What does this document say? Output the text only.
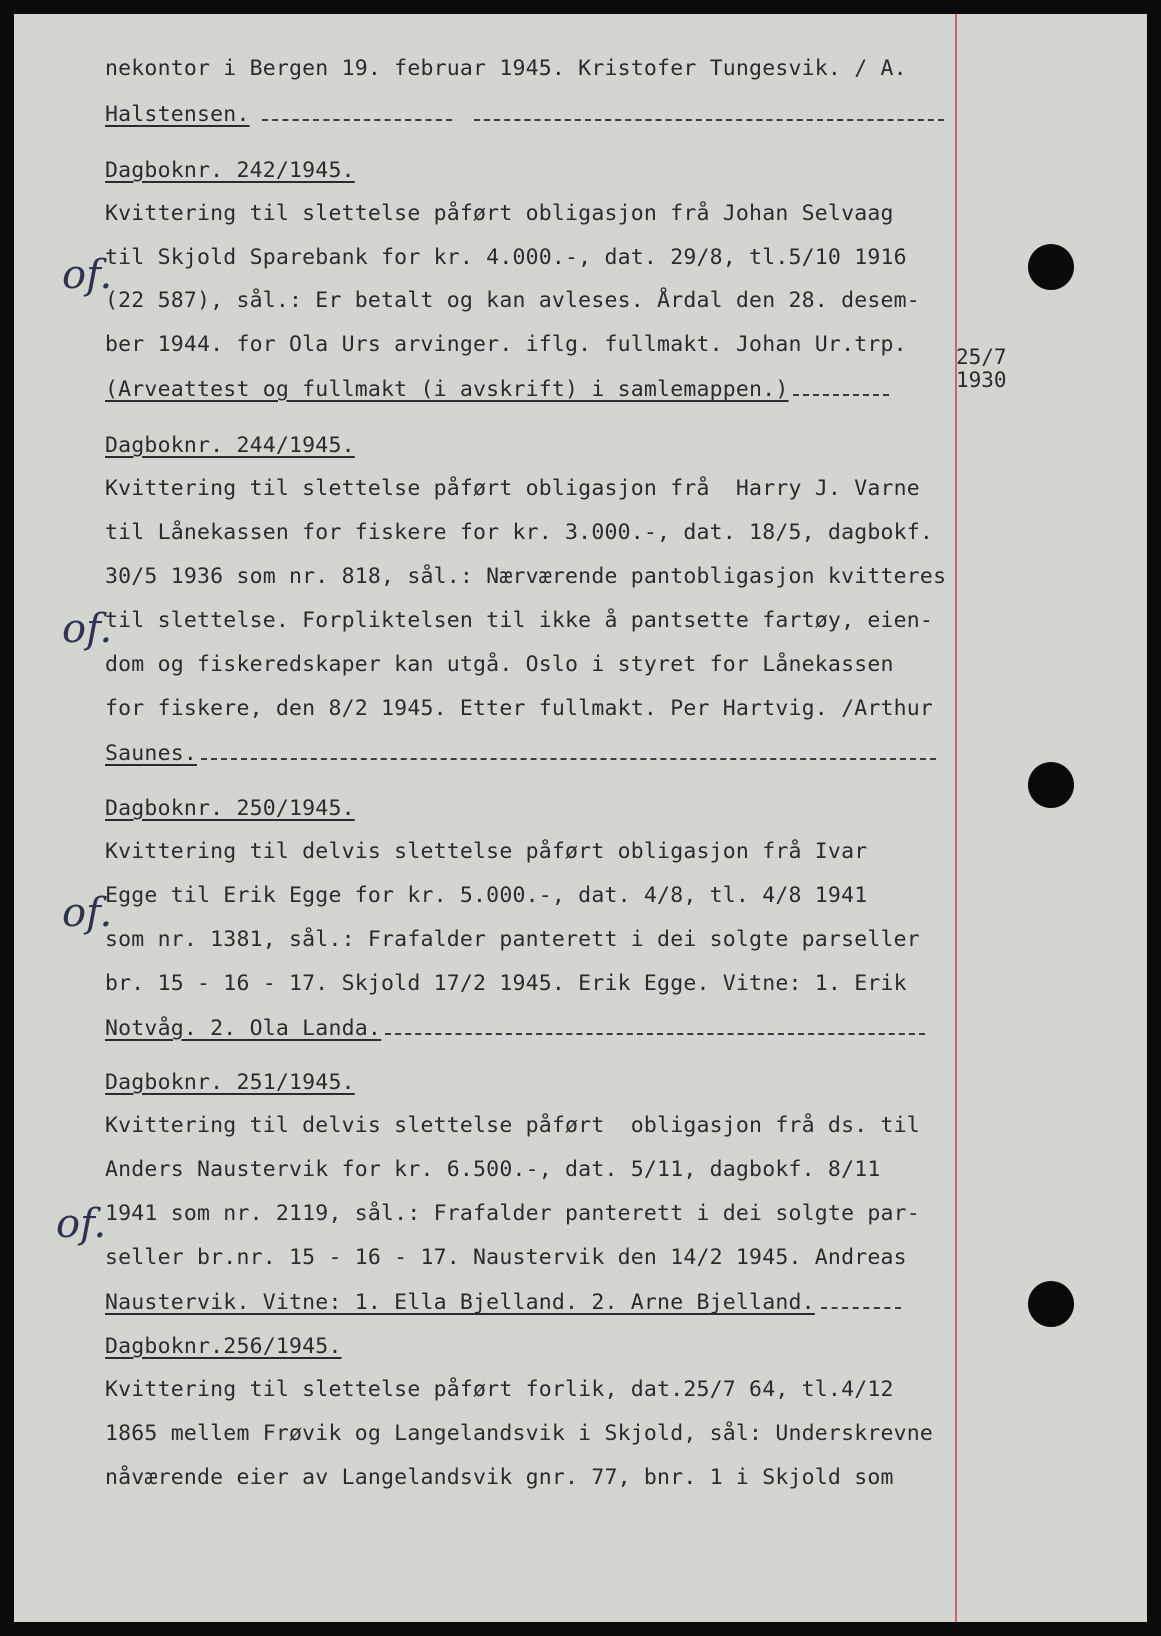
nekontor i Bergen 19. februar 1945. Kristofer Tungesvik. / A.
Halstensen.
Dagboknr. 242/1945.
Kvittering til slettelse påført obligasjon frå Johan Selvaag
til Skjold Sparebank for kr. 4.000.-, dat. 29/8, tl.5/10 1916
(22 587), sål.: Er betalt og kan avleses. Årdal den 28. desem-
ber 1944. for Ola Urs arvinger. iflg. fullmakt. Johan Ur.trp.
(Arveattest og fullmakt (i avskrift) i samlemappen.)
Dagboknr. 244/1945.
Kvittering til slettelse påført obligasjon frå  Harry J. Varne
til Lånekassen for fiskere for kr. 3.000.-, dat. 18/5, dagbokf.
30/5 1936 som nr. 818, sål.: Nærværende pantobligasjon kvitteres
til slettelse. Forpliktelsen til ikke å pantsette fartøy, eien-
dom og fiskeredskaper kan utgå. Oslo i styret for Lånekassen
for fiskere, den 8/2 1945. Etter fullmakt. Per Hartvig. /Arthur
Saunes.
Dagboknr. 250/1945.
Kvittering til delvis slettelse påført obligasjon frå Ivar
Egge til Erik Egge for kr. 5.000.-, dat. 4/8, tl. 4/8 1941
som nr. 1381, sål.: Frafalder panterett i dei solgte parseller
br. 15 - 16 - 17. Skjold 17/2 1945. Erik Egge. Vitne: 1. Erik
Notvåg. 2. Ola Landa.
Dagboknr. 251/1945.
Kvittering til delvis slettelse påført  obligasjon frå ds. til
Anders Naustervik for kr. 6.500.-, dat. 5/11, dagbokf. 8/11
1941 som nr. 2119, sål.: Frafalder panterett i dei solgte par-
seller br.nr. 15 - 16 - 17. Naustervik den 14/2 1945. Andreas
Naustervik. Vitne: 1. Ella Bjelland. 2. Arne Bjelland.
Dagboknr.256/1945.
Kvittering til slettelse påført forlik, dat.25/7 64, tl.4/12
1865 mellem Frøvik og Langelandsvik i Skjold, sål: Underskrevne
nåværende eier av Langelandsvik gnr. 77, bnr. 1 i Skjold som
25/7
1930
of.
of.
of.
of.
